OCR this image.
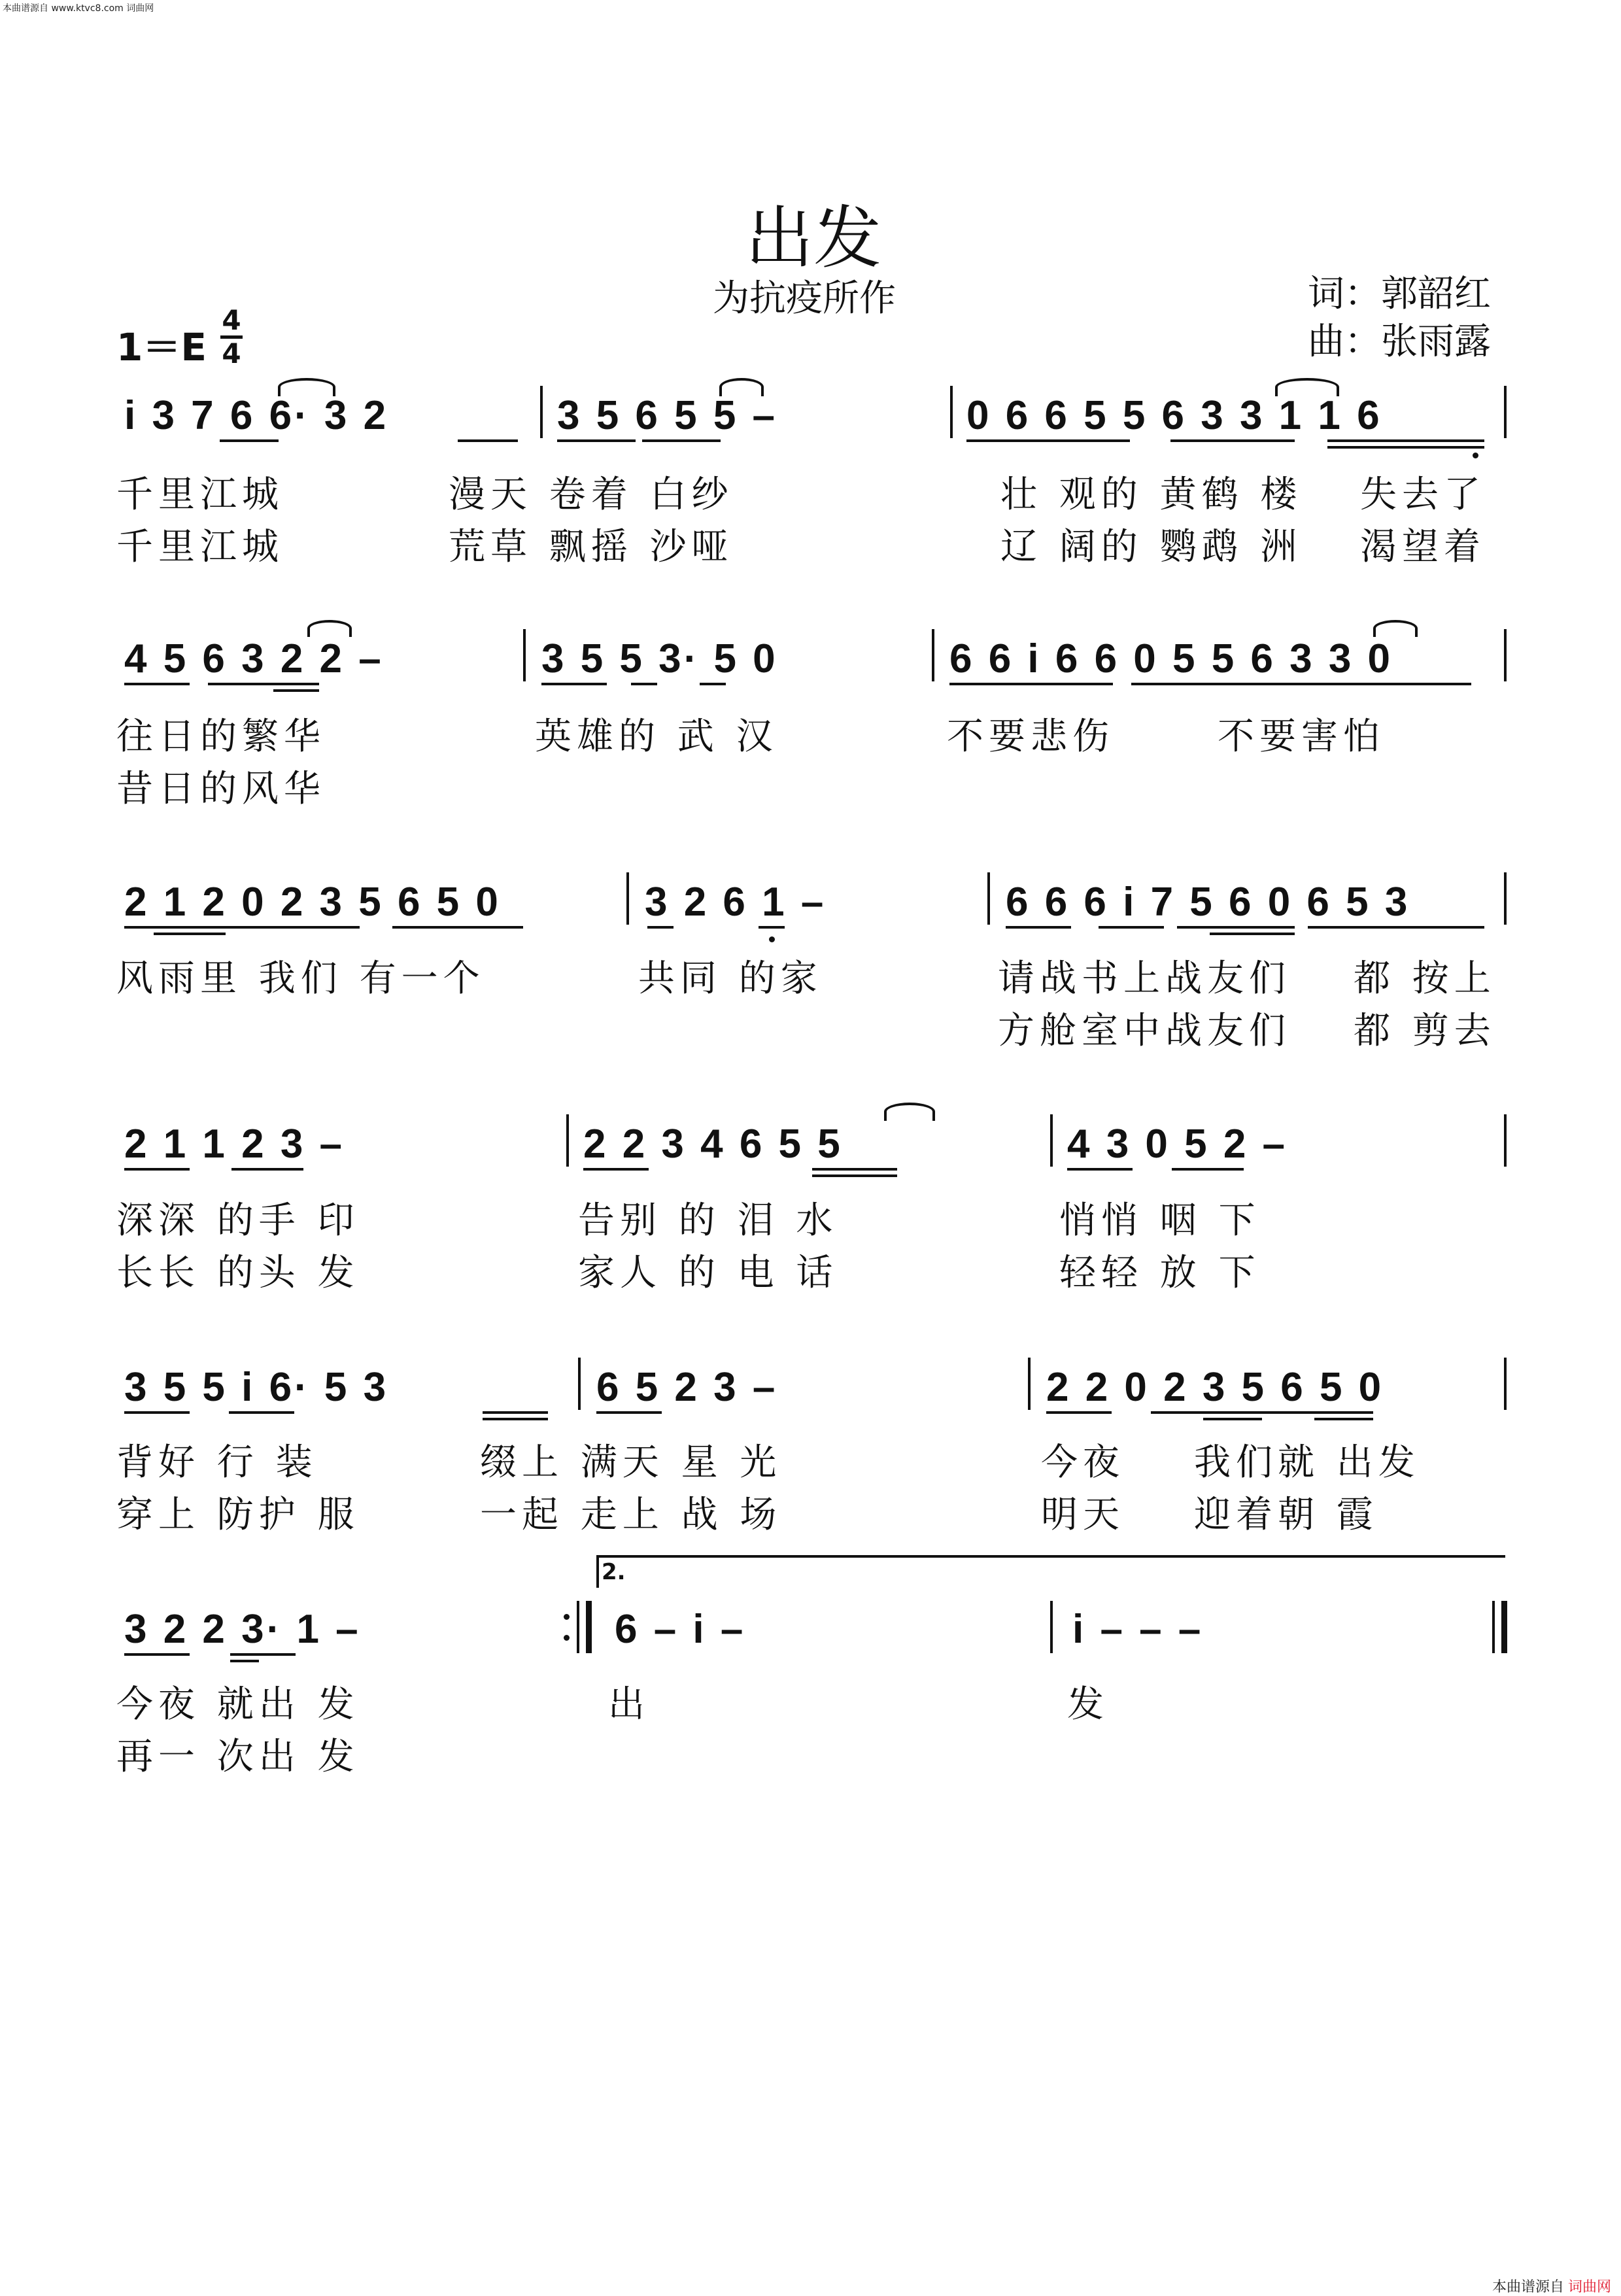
本曲谱源自 www.ktvc8.com 词曲网
本曲谱源自 词曲网
出发
为抗疫所作	词：郭韶红
曲：张雨露
1＝E
4
4
i 3 7 6 6· 3 2	3 5 6 5 5 –	0 6 6 5 5 6 3 3 1 1 6
千里江城	漫天 卷着 白纱	壮 观的 黄鹤 楼 失去了
千里江城	荒草 飘摇 沙哑	辽 阔的 鹦鹉 洲 渴望着
4 5 6 3 2 2 –	3 5 5 3· 5 0	6 6 i 6 6 0 5 5 6 3 3 0
往日的繁华	英雄的 武 汉	不要悲伤	不要害怕
昔日的风华
2 1 2 0 2 3 5 6 5 0	3 2 6 1 –	6 6 6 i 7 5 6 0 6 5 3
风雨里 我们 有一个	共同 的家	请战书上战友们 都 按上
方舱室中战友们 都 剪去
2 1 1 2 3 –	2 2 3 4 6 5 5	4 3 0 5 2 –
深深 的手 印	告别 的 泪 水	悄悄 咽 下
长长 的头 发	家人 的 电 话	轻轻 放 下
3 5 5 i 6· 5 3	6 5 2 3 –	2 2 0 2 3 5 6 5 0
背好 行 装	缀上 满天 星 光	今夜 我们就 出发
穿上 防护 服	一起 走上 战 场	明天 迎着朝 霞
2.
3 2 2 3· 1 –	6 – i –	i – – –
今夜 就出 发	出	发
再一 次出 发
